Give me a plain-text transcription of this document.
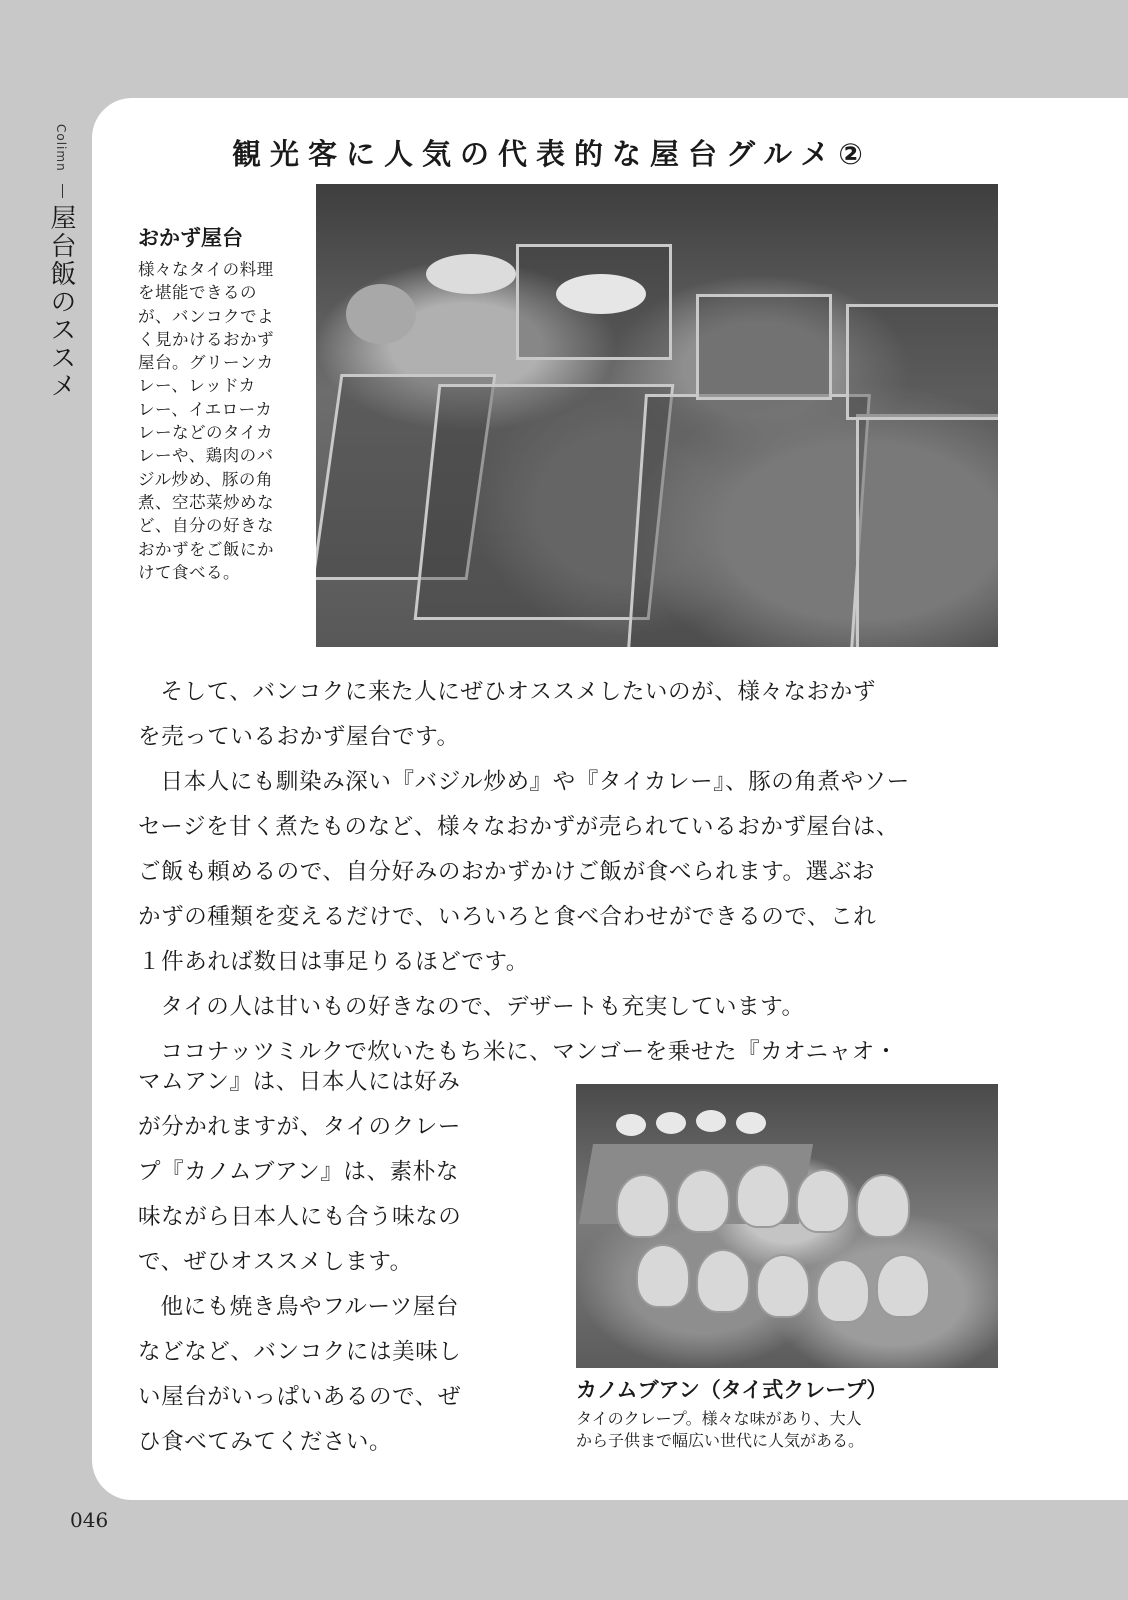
Colimn
屋台飯のススメ
観光客に人気の代表的な屋台グルメ②
おかず屋台
様々なタイの料理
を堪能できるの
が、バンコクでよ
く見かけるおかず
屋台。グリーンカ
レー、レッドカ
レー、イエローカ
レーなどのタイカ
レーや、鶏肉のバ
ジル炒め、豚の角
煮、空芯菜炒めな
ど、自分の好きな
おかずをご飯にか
けて食べる。
そして、バンコクに来た人にぜひオススメしたいのが、様々なおかず
を売っているおかず屋台です。
日本人にも馴染み深い『バジル炒め』や『タイカレー』、豚の角煮やソー
セージを甘く煮たものなど、様々なおかずが売られているおかず屋台は、
ご飯も頼めるので、自分好みのおかずかけご飯が食べられます。選ぶお
かずの種類を変えるだけで、いろいろと食べ合わせができるので、これ
１件あれば数日は事足りるほどです。
タイの人は甘いもの好きなので、デザートも充実しています。
ココナッツミルクで炊いたもち米に、マンゴーを乗せた『カオニャオ・
マムアン』は、日本人には好み
が分かれますが、タイのクレー
プ『カノムブアン』は、素朴な
味ながら日本人にも合う味なの
で、ぜひオススメします。
他にも焼き鳥やフルーツ屋台
などなど、バンコクには美味し
い屋台がいっぱいあるので、ぜ
ひ食べてみてください。
カノムブアン（タイ式クレープ）
タイのクレープ。様々な味があり、大人
から子供まで幅広い世代に人気がある。
046
